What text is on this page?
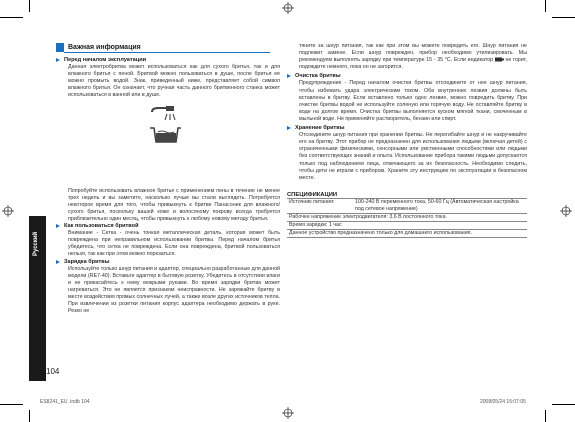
Важная информация
Перед началом эксплуатации
Данная электробритва может использоваться как для сухого бритья, так и для влажного бритья с пеной. Бритвой можно пользоваться в душе, после бритья ее можно промыть водой. Знак, приведенный ниже, представляет собой символ влажного бритья. Он означает, что ручная часть данного бритвенного станка может использоваться в ванной или в душе.
Попробуйте использовать влажное бритье с применением пены в течение не менее трех недель и вы заметите, насколько лучше вы стали выглядеть. Потребуется некоторое время для того, чтобы привыкнуть к бритве Панасоник для влажного/сухого бритья, поскольку вашей коже и волосяному покрову всегда требуется приблизительно один месяц, чтобы привыкнуть к любому новому методу бритья.
Как пользоваться бритвой
Внимание - Сетка - очень тонкая металлическая деталь, которая может быть повреждена при неправильном использовании бритвы. Перед началом бритья убедитесь, что сетка не повреждена. Если она повреждена, бритвой пользоваться нельзя, так как при этом можно порезаться.
Зарядка бритвы
Используйте только шнур питания и адаптер, специально разработанные для данной модели (RE7-40). Вставьте адаптер в бытовую розетку. Убедитесь в отсутствии влаги и не прикасайтесь к нему мокрыми руками. Во время зарядки бритва может нагреваться. Это не является признаком неисправности. Не заряжайте бритву в месте воздействия прямых солнечных лучей, а также возле других источников тепла. При извлечении из розетки питания корпус адаптера необходимо держать в руке. Резко не
Русский
тяните за шнур питания, так как при этом вы можете повредить его. Шнур питания не подлежит замене. Если шнур поврежден, прибор необходимо утилизировать. Мы рекомендуем выполнять зарядку при температуре 15 - 35 °C. Если индикатор не горит, подождите немного, пока он не загорится.
Очистка бритвы
Предупреждение - Перед началом очистки бритвы отсоедините от нее шнур питания, чтобы избежать удара электрическим током. Оба внутренних лезвия должны быть вставлены в бритву. Если вставлено только одно лезвие, можно повредить бритву. При очистке бритвы водой не используйте соленую или горячую воду. Не оставляйте бритву в воде на долгое время. Очистка бритвы выполняется куском мягкой ткани, смоченным в мыльной воде. Не применяйте растворитель, бензин или спирт.
Хранение бритвы
Отсоедините шнур питания при хранении бритвы. Не перегибайте шнур и не накручивайте его на бритву. Этот прибор не предназначен для использования людьми (включая детей) с ограниченными физическими, сенсорными или умственными способностями или людьми без соответствующих знаний и опыта. Использование прибора такими людьми допускается только под наблюдением лица, отвечающего за их безопасность. Необходимо следить, чтобы дети не играли с прибором. Храните эту инструкцию по эксплуатации в безопасном месте.
СПЕЦИФИКАЦИИ
Источник питания:	100-240 В переменного тока, 50-60 Гц (Автоматическая настройка под сетевое напряжение)
Рабочее напряжение электродвигателя: 3,6 В постоянного тока
Время зарядки: 1 час
Данное устройство предназначено только для домашнего использования.
104
ES8241_EU .indb 104	2008/05/24 15:07:05
